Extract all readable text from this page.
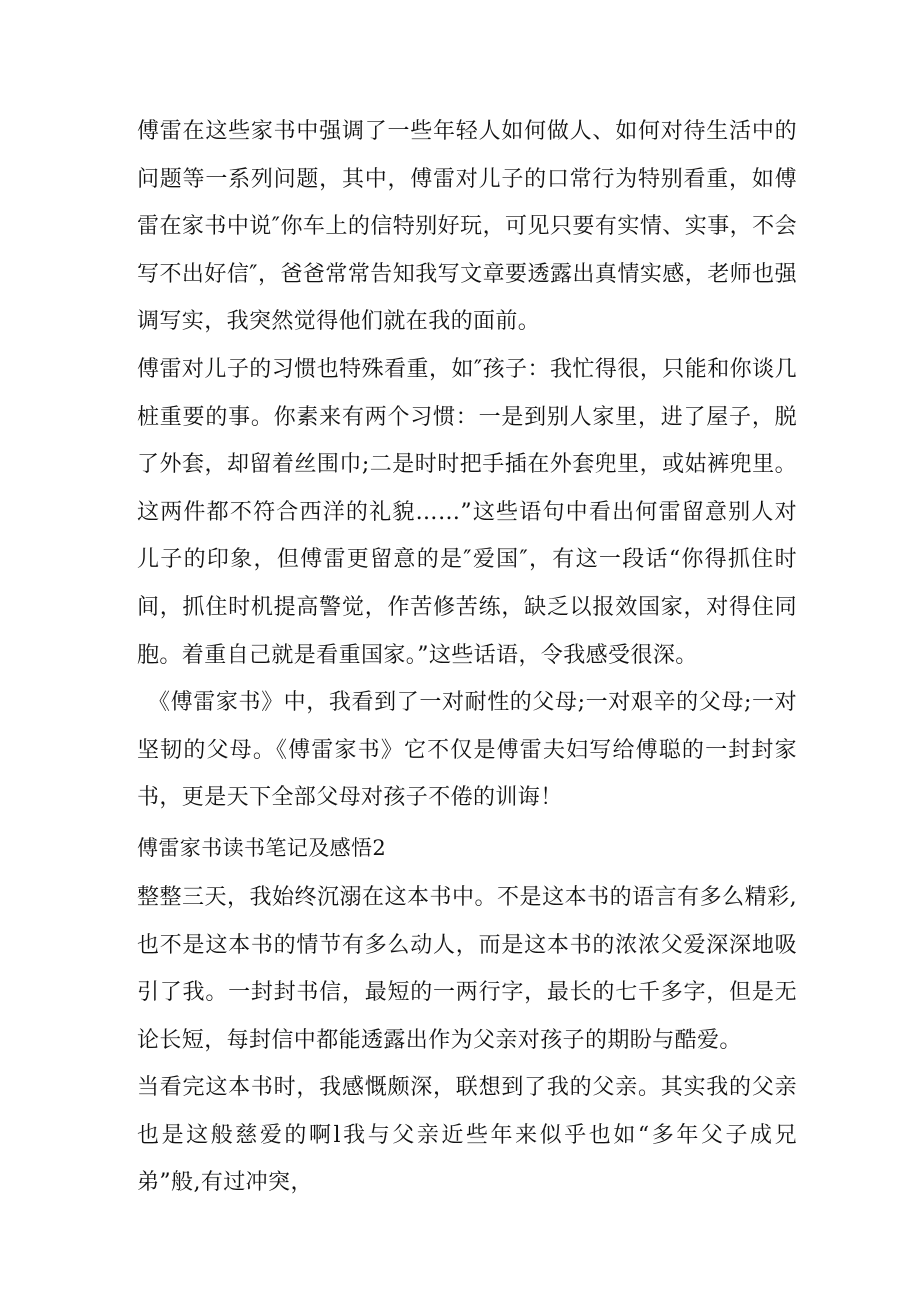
傅雷在这些家书中强调了一些年轻人如何做人、如何对待生活中的问题等一系列问题，其中，傅雷对儿子的口常行为特别看重，如傅雷在家书中说″你车上的信特别好玩，可见只要有实情、实事，不会写不出好信″，爸爸常常告知我写文章要透露出真情实感，老师也强调写实，我突然觉得他们就在我的面前。

傅雷对儿子的习惯也特殊看重，如″孩子：我忙得很，只能和你谈几桩重要的事。你素来有两个习惯：一是到别人家里，进了屋子，脱了外套，却留着丝围巾;二是时时把手插在外套兜里，或姑裤兜里。这两件都不符合西洋的礼貌……”这些语句中看出何雷留意别人对儿子的印象，但傅雷更留意的是″爱国″，有这一段话“你得抓住时间，抓住时机提高警觉，作苦修苦练，缺乏以报效国家，对得住同胞。着重自己就是看重国家。”这些话语，令我感受很深。

《傅雷家书》中，我看到了一对耐性的父母;一对艰辛的父母;一对坚韧的父母。《傅雷家书》它不仅是傅雷夫妇写给傅聪的一封封家书，更是天下全部父母对孩子不倦的训诲！

傅雷家书读书笔记及感悟2

整整三天，我始终沉溺在这本书中。不是这本书的语言有多么精彩,也不是这本书的情节有多么动人，而是这本书的浓浓父爱深深地吸引了我。一封封书信，最短的一两行字，最长的七千多字，但是无论长短，每封信中都能透露出作为父亲对孩子的期盼与酷爱。

当看完这本书时，我感慨颇深，联想到了我的父亲。其实我的父亲也是这般慈爱的啊l我与父亲近些年来似乎也如“多年父子成兄弟”般,有过冲突，
